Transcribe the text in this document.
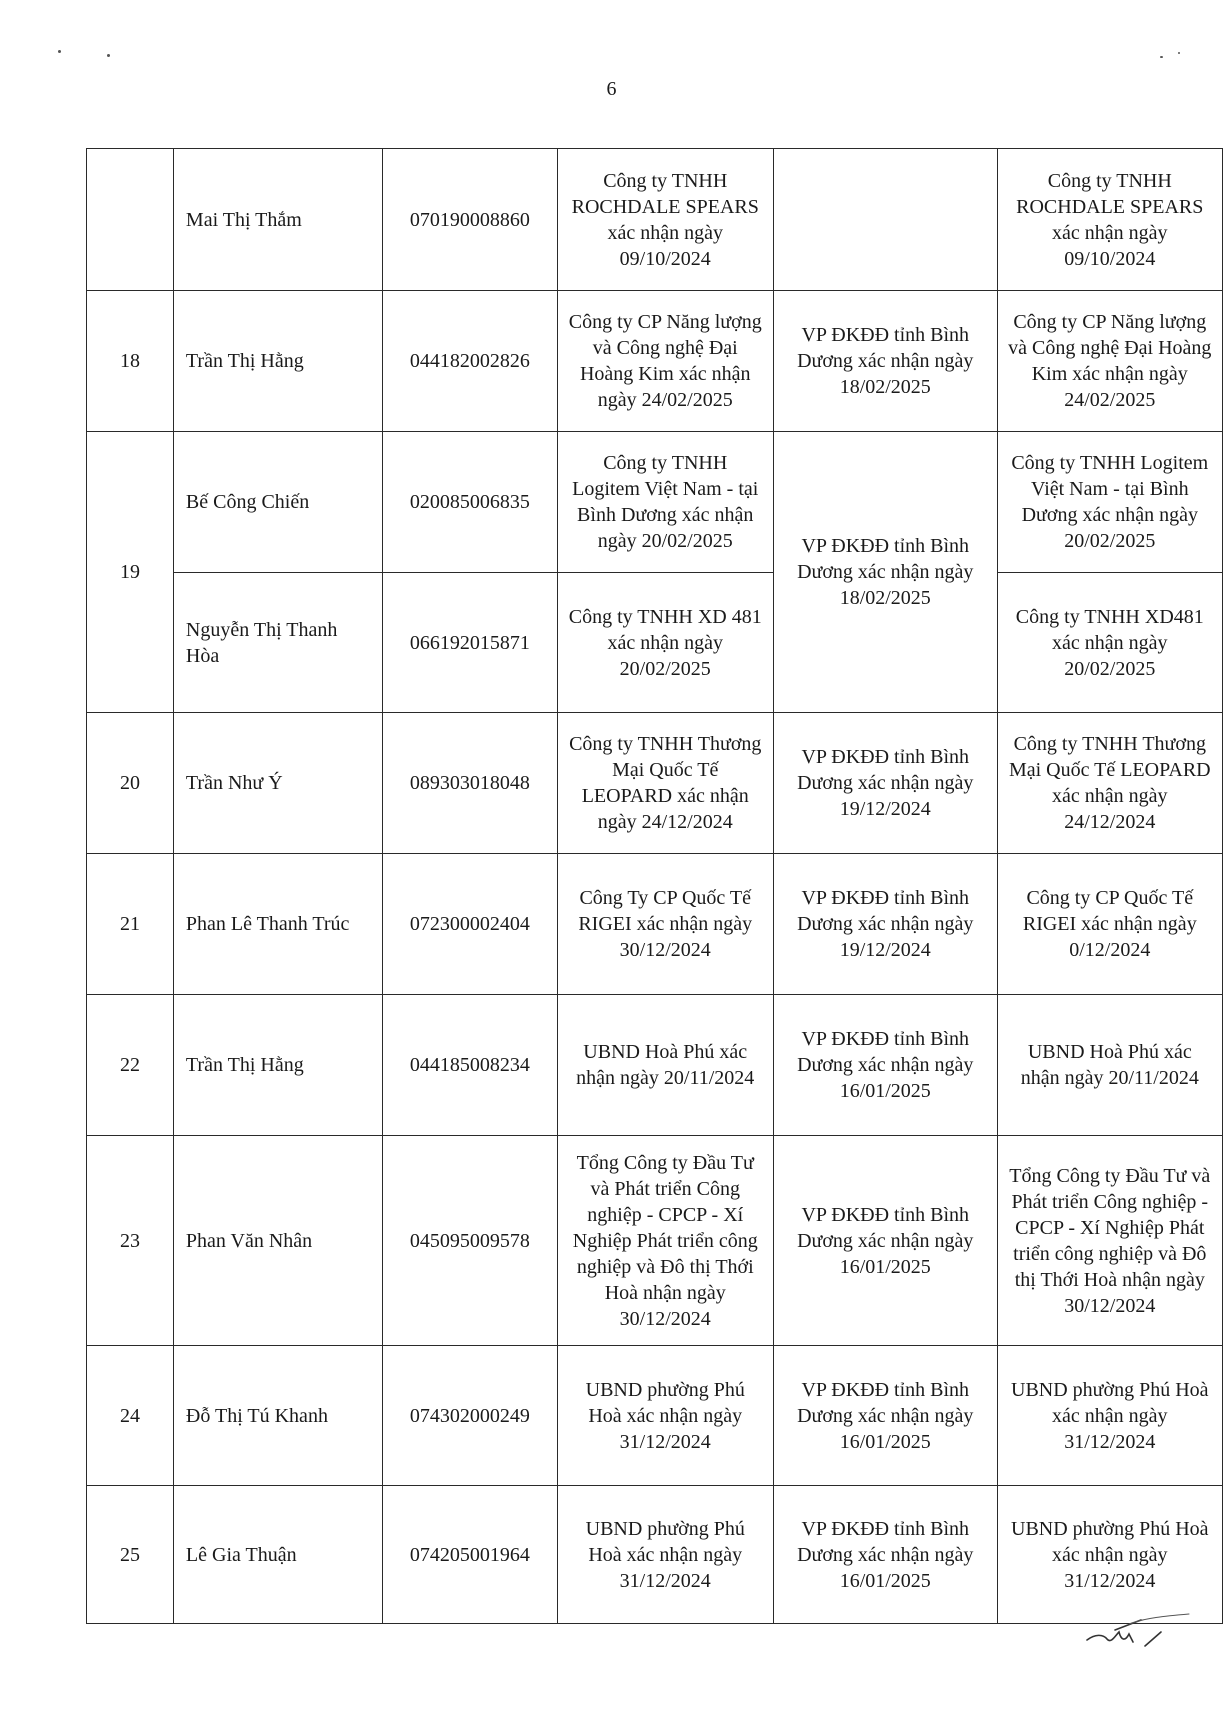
6
	Mai Thị Thắm	070190008860	Công ty TNHH ROCHDALE SPEARS xác nhận ngày 09/10/2024		Công ty TNHH ROCHDALE SPEARS xác nhận ngày 09/10/2024
18	Trần Thị Hằng	044182002826	Công ty CP Năng lượng và Công nghệ Đại Hoàng Kim xác nhận ngày 24/02/2025	VP ĐKĐĐ tỉnh Bình Dương xác nhận ngày 18/02/2025	Công ty CP Năng lượng và Công nghệ Đại Hoàng Kim xác nhận ngày 24/02/2025
19	Bế Công Chiến	020085006835	Công ty TNHH Logitem Việt Nam - tại Bình Dương xác nhận ngày 20/02/2025	VP ĐKĐĐ tỉnh Bình Dương xác nhận ngày 18/02/2025	Công ty TNHH Logitem Việt Nam - tại Bình Dương xác nhận ngày 20/02/2025
	Nguyễn Thị Thanh Hòa	066192015871	Công ty TNHH XD 481 xác nhận ngày 20/02/2025		Công ty TNHH XD481 xác nhận ngày 20/02/2025
20	Trần Như Ý	089303018048	Công ty TNHH Thương Mại Quốc Tế LEOPARD xác nhận ngày 24/12/2024	VP ĐKĐĐ tỉnh Bình Dương xác nhận ngày 19/12/2024	Công ty TNHH Thương Mại Quốc Tế LEOPARD xác nhận ngày 24/12/2024
21	Phan Lê Thanh Trúc	072300002404	Công Ty CP Quốc Tế RIGEI xác nhận ngày 30/12/2024	VP ĐKĐĐ tỉnh Bình Dương xác nhận ngày 19/12/2024	Công ty CP Quốc Tế RIGEI xác nhận ngày 0/12/2024
22	Trần Thị Hằng	044185008234	UBND Hoà Phú xác nhận ngày 20/11/2024	VP ĐKĐĐ tỉnh Bình Dương xác nhận ngày 16/01/2025	UBND Hoà Phú xác nhận ngày 20/11/2024
23	Phan Văn Nhân	045095009578	Tổng Công ty Đầu Tư và Phát triển Công nghiệp - CPCP - Xí Nghiệp Phát triển công nghiệp và Đô thị Thới Hoà nhận ngày 30/12/2024	VP ĐKĐĐ tỉnh Bình Dương xác nhận ngày 16/01/2025	Tổng Công ty Đầu Tư và Phát triển Công nghiệp - CPCP - Xí Nghiệp Phát triển công nghiệp và Đô thị Thới Hoà nhận ngày 30/12/2024
24	Đỗ Thị Tú Khanh	074302000249	UBND phường Phú Hoà xác nhận ngày 31/12/2024	VP ĐKĐĐ tỉnh Bình Dương xác nhận ngày 16/01/2025	UBND phường Phú Hoà xác nhận ngày 31/12/2024
25	Lê Gia Thuận	074205001964	UBND phường Phú Hoà xác nhận ngày 31/12/2024	VP ĐKĐĐ tỉnh Bình Dương xác nhận ngày 16/01/2025	UBND phường Phú Hoà xác nhận ngày 31/12/2024
